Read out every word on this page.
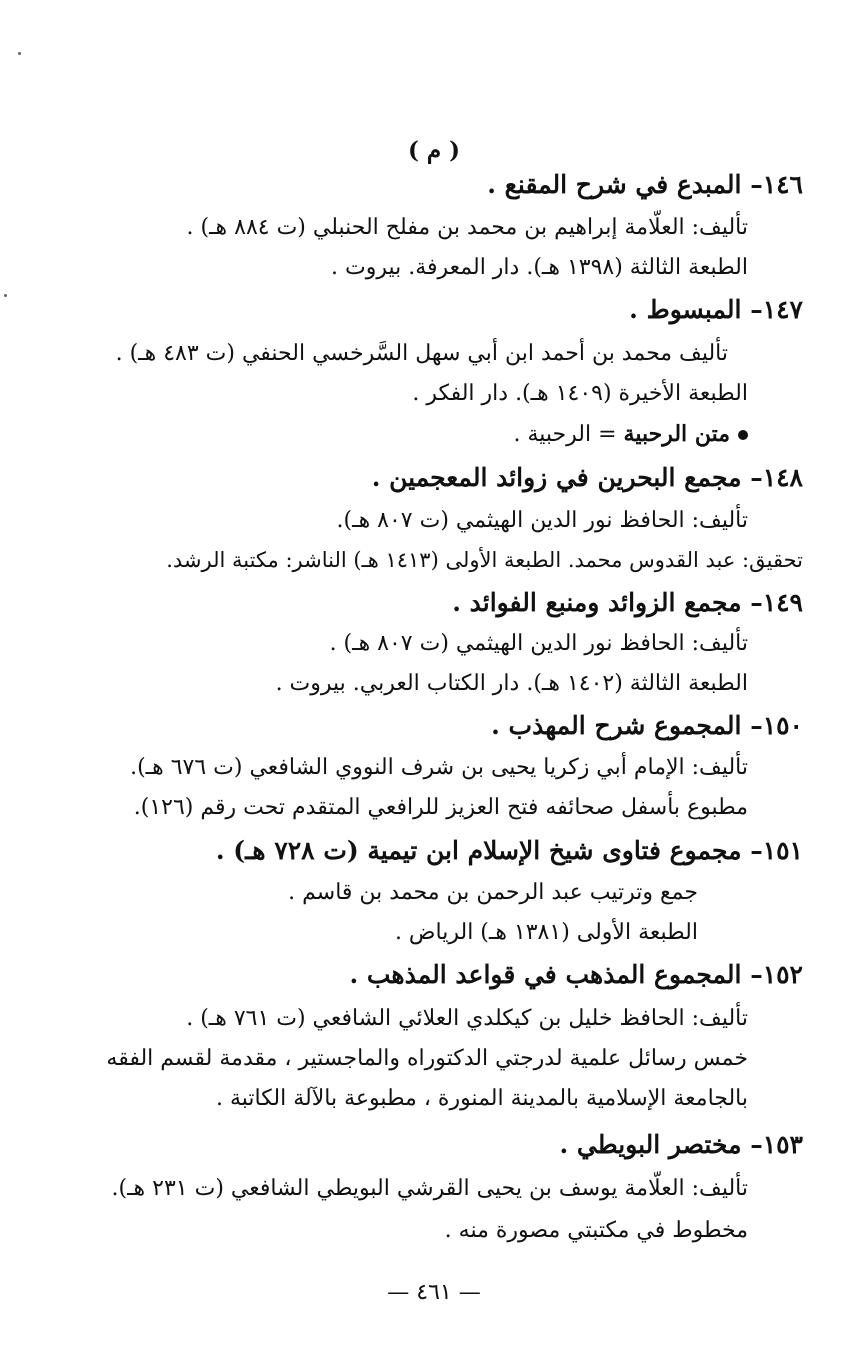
( م )
١٤٦– المبدع في شرح المقنع .
تأليف: العلّامة إبراهيم بن محمد بن مفلح الحنبلي (ت ٨٨٤ هـ) .
الطبعة الثالثة (١٣٩٨ هـ). دار المعرفة. بيروت .
١٤٧– المبسوط .
تأليف محمد بن أحمد ابن أبي سهل السَّرخسي الحنفي (ت ٤٨٣ هـ) .
الطبعة الأخيرة (١٤٠٩ هـ). دار الفكر .
متن الرحبية = الرحبية .
١٤٨– مجمع البحرين في زوائد المعجمين .
تأليف: الحافظ نور الدين الهيثمي (ت ٨٠٧ هـ).
تحقيق: عبد القدوس محمد. الطبعة الأولى (١٤١٣ هـ) الناشر: مكتبة الرشد.
١٤٩– مجمع الزوائد ومنبع الفوائد .
تأليف: الحافظ نور الدين الهيثمي (ت ٨٠٧ هـ) .
الطبعة الثالثة (١٤٠٢ هـ). دار الكتاب العربي. بيروت .
١٥٠– المجموع شرح المهذب .
تأليف: الإمام أبي زكريا يحيى بن شرف النووي الشافعي (ت ٦٧٦ هـ).
مطبوع بأسفل صحائفه فتح العزيز للرافعي المتقدم تحت رقم (١٢٦).
١٥١– مجموع فتاوى شيخ الإسلام ابن تيمية (ت ٧٢٨ هـ) .
جمع وترتيب عبد الرحمن بن محمد بن قاسم .
الطبعة الأولى (١٣٨١ هـ) الرياض .
١٥٢– المجموع المذهب في قواعد المذهب .
تأليف: الحافظ خليل بن كيكلدي العلائي الشافعي (ت ٧٦١ هـ) .
خمس رسائل علمية لدرجتي الدكتوراه والماجستير ، مقدمة لقسم الفقه
بالجامعة الإسلامية بالمدينة المنورة ، مطبوعة بالآلة الكاتبة .
١٥٣– مختصر البويطي .
تأليف: العلّامة يوسف بن يحيى القرشي البويطي الشافعي (ت ٢٣١ هـ).
مخطوط في مكتبتي مصورة منه .
— ٤٦١ —
